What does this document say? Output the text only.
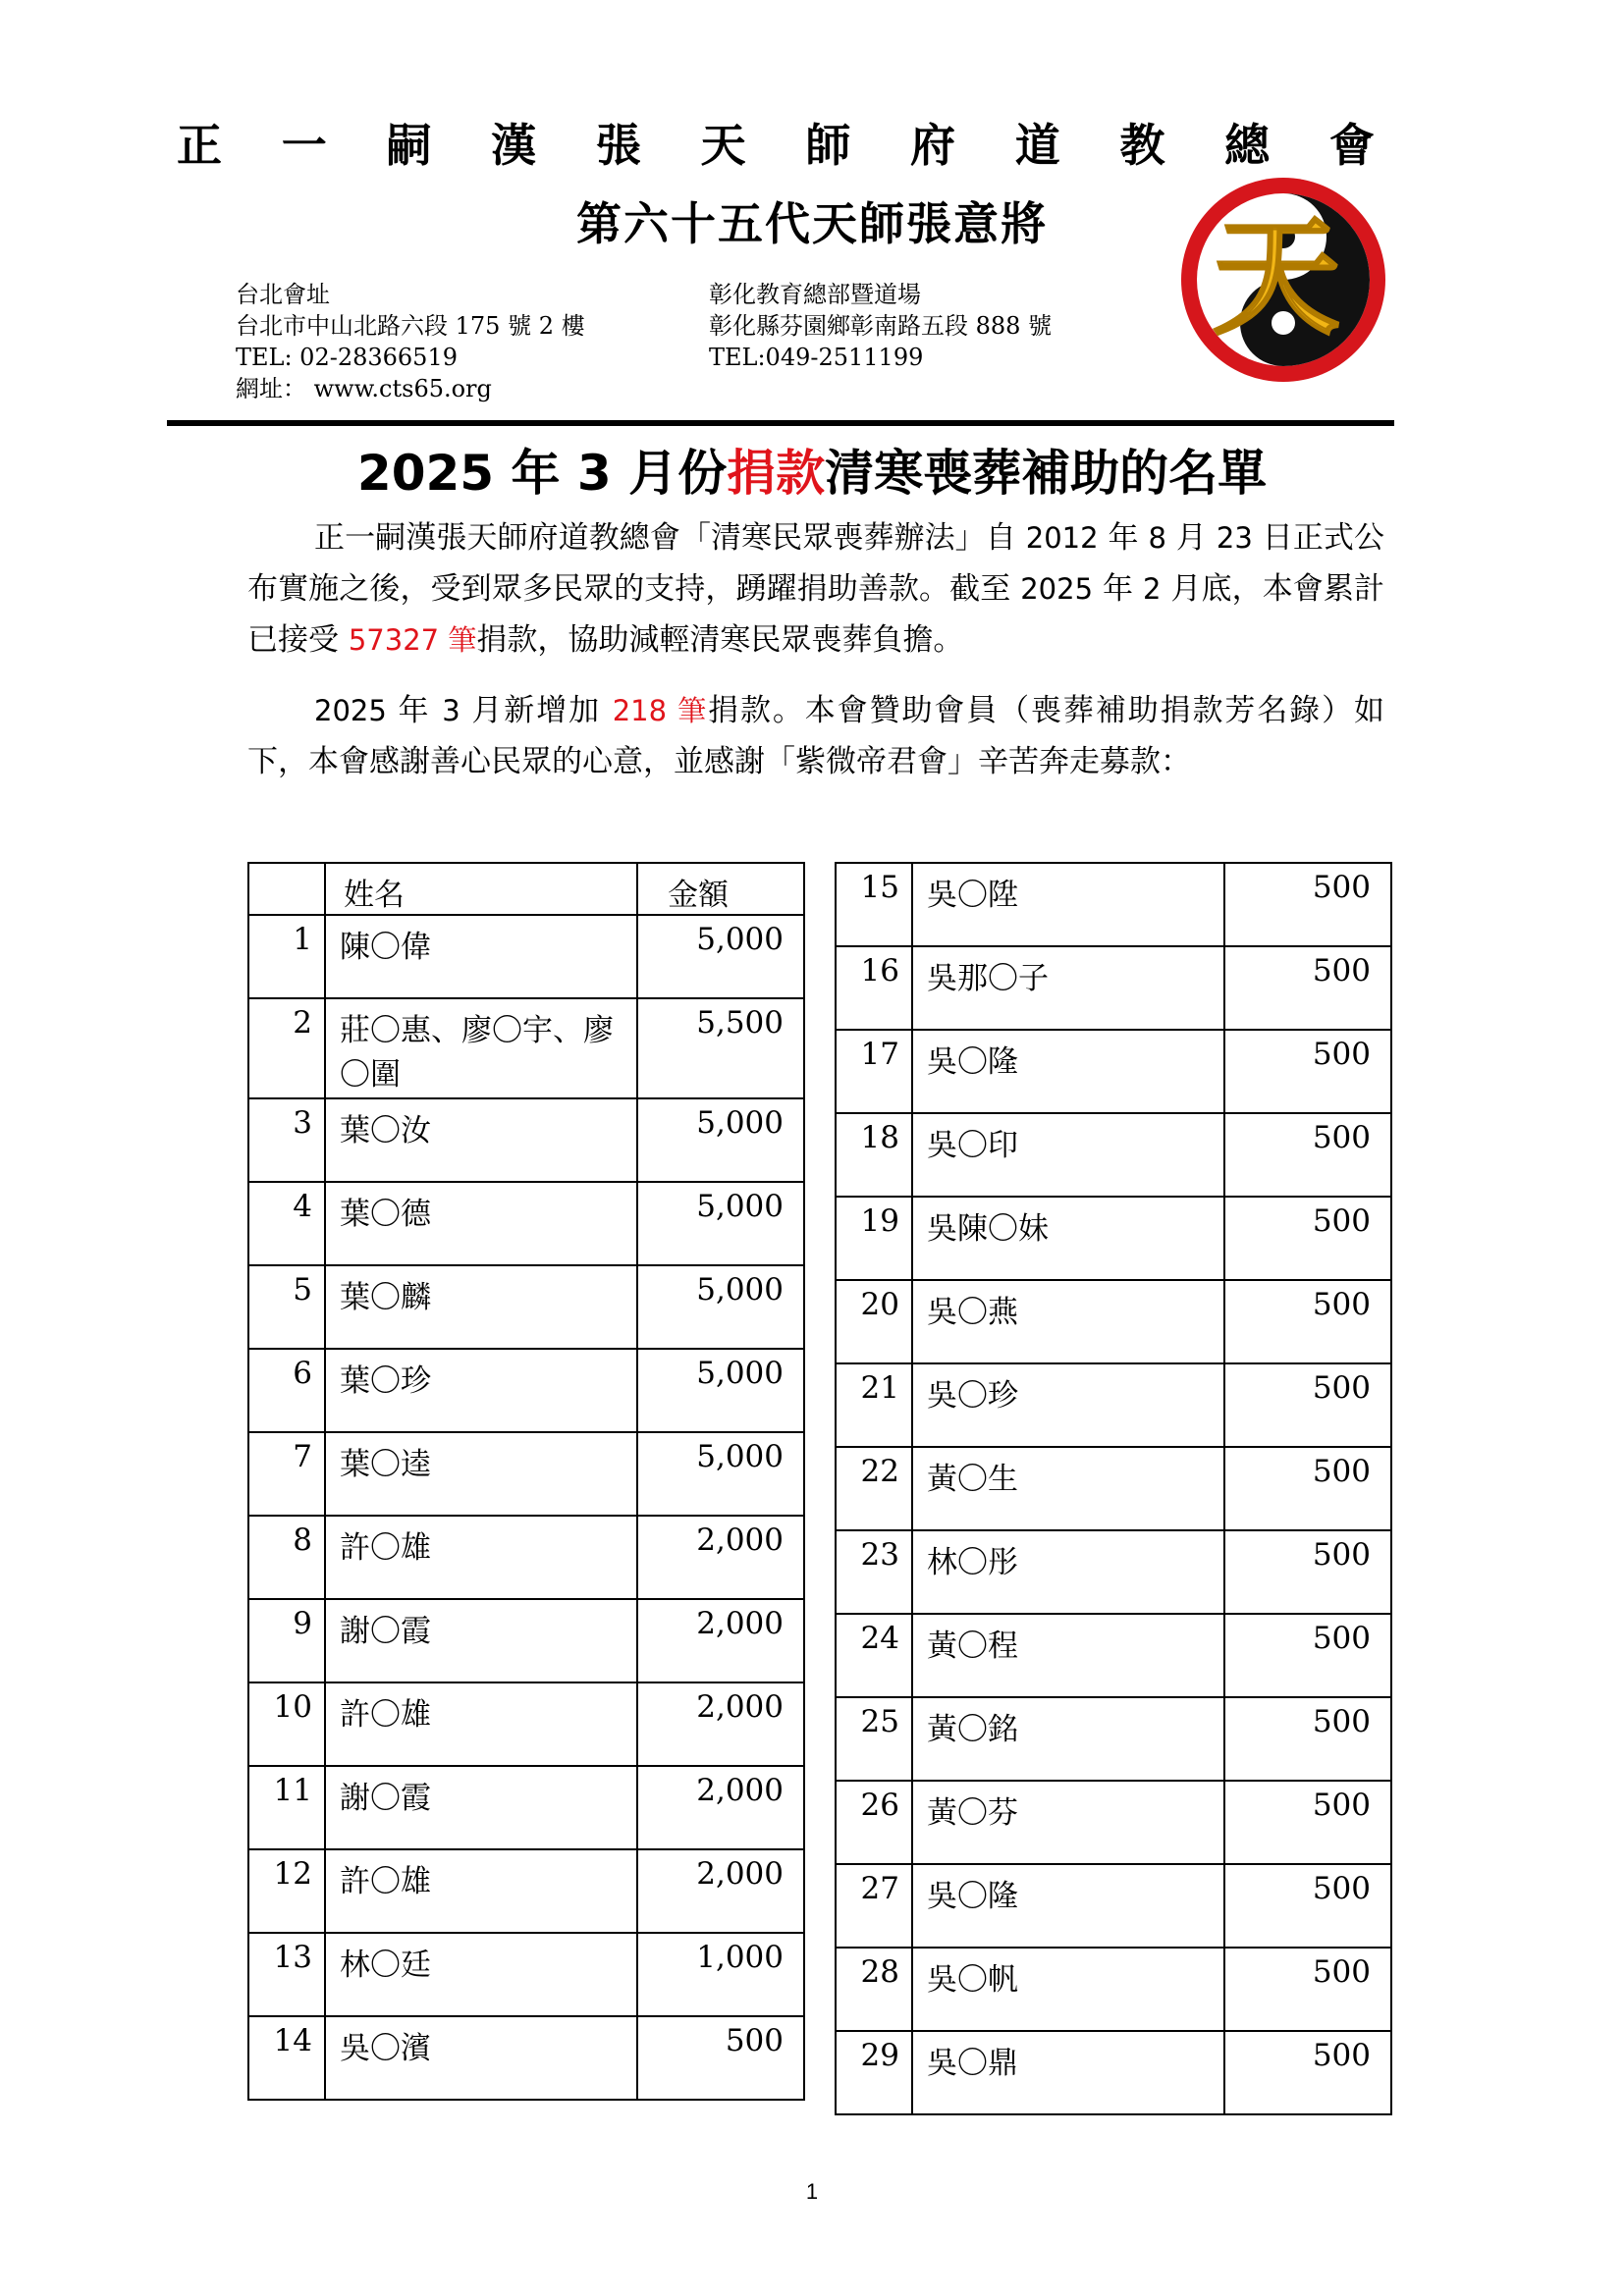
正 一 嗣 漢 張 天 師 府 道 教 總 會
第六十五代天師張意將	天
台北會址
台北市中山北路六段 175 號 2 樓
TEL: 02-28366519
網址： www.cts65.org
彰化教育總部暨道場
彰化縣芬園鄉彰南路五段 888 號
TEL:049-2511199
2025 年 3 月份捐款清寒喪葬補助的名單
正一嗣漢張天師府道教總會「清寒民眾喪葬辦法」自 2012 年 8 月 23 日正式公布實施之後，受到眾多民眾的支持，踴躍捐助善款。截至 2025 年 2 月底，本會累計已接受 57327 筆捐款，協助減輕清寒民眾喪葬負擔。
2025 年 3 月新增加 218 筆捐款。本會贊助會員（喪葬補助捐款芳名錄）如下，本會感謝善心民眾的心意，並感謝「紫微帝君會」辛苦奔走募款：
	姓名	金額
1	陳〇偉	5,000
2	莊〇惠、廖〇宇、廖〇圍	5,500
3	葉〇汝	5,000
4	葉〇德	5,000
5	葉〇麟	5,000
6	葉〇珍	5,000
7	葉〇逵	5,000
8	許〇雄	2,000
9	謝〇霞	2,000
10	許〇雄	2,000
11	謝〇霞	2,000
12	許〇雄	2,000
13	林〇廷	1,000
14	吳〇濱	500
15	吳〇陞	500
16	吳那〇子	500
17	吳〇隆	500
18	吳〇印	500
19	吳陳〇妹	500
20	吳〇燕	500
21	吳〇珍	500
22	黃〇生	500
23	林〇彤	500
24	黃〇程	500
25	黃〇銘	500
26	黃〇芬	500
27	吳〇隆	500
28	吳〇帆	500
29	吳〇鼎	500
1
